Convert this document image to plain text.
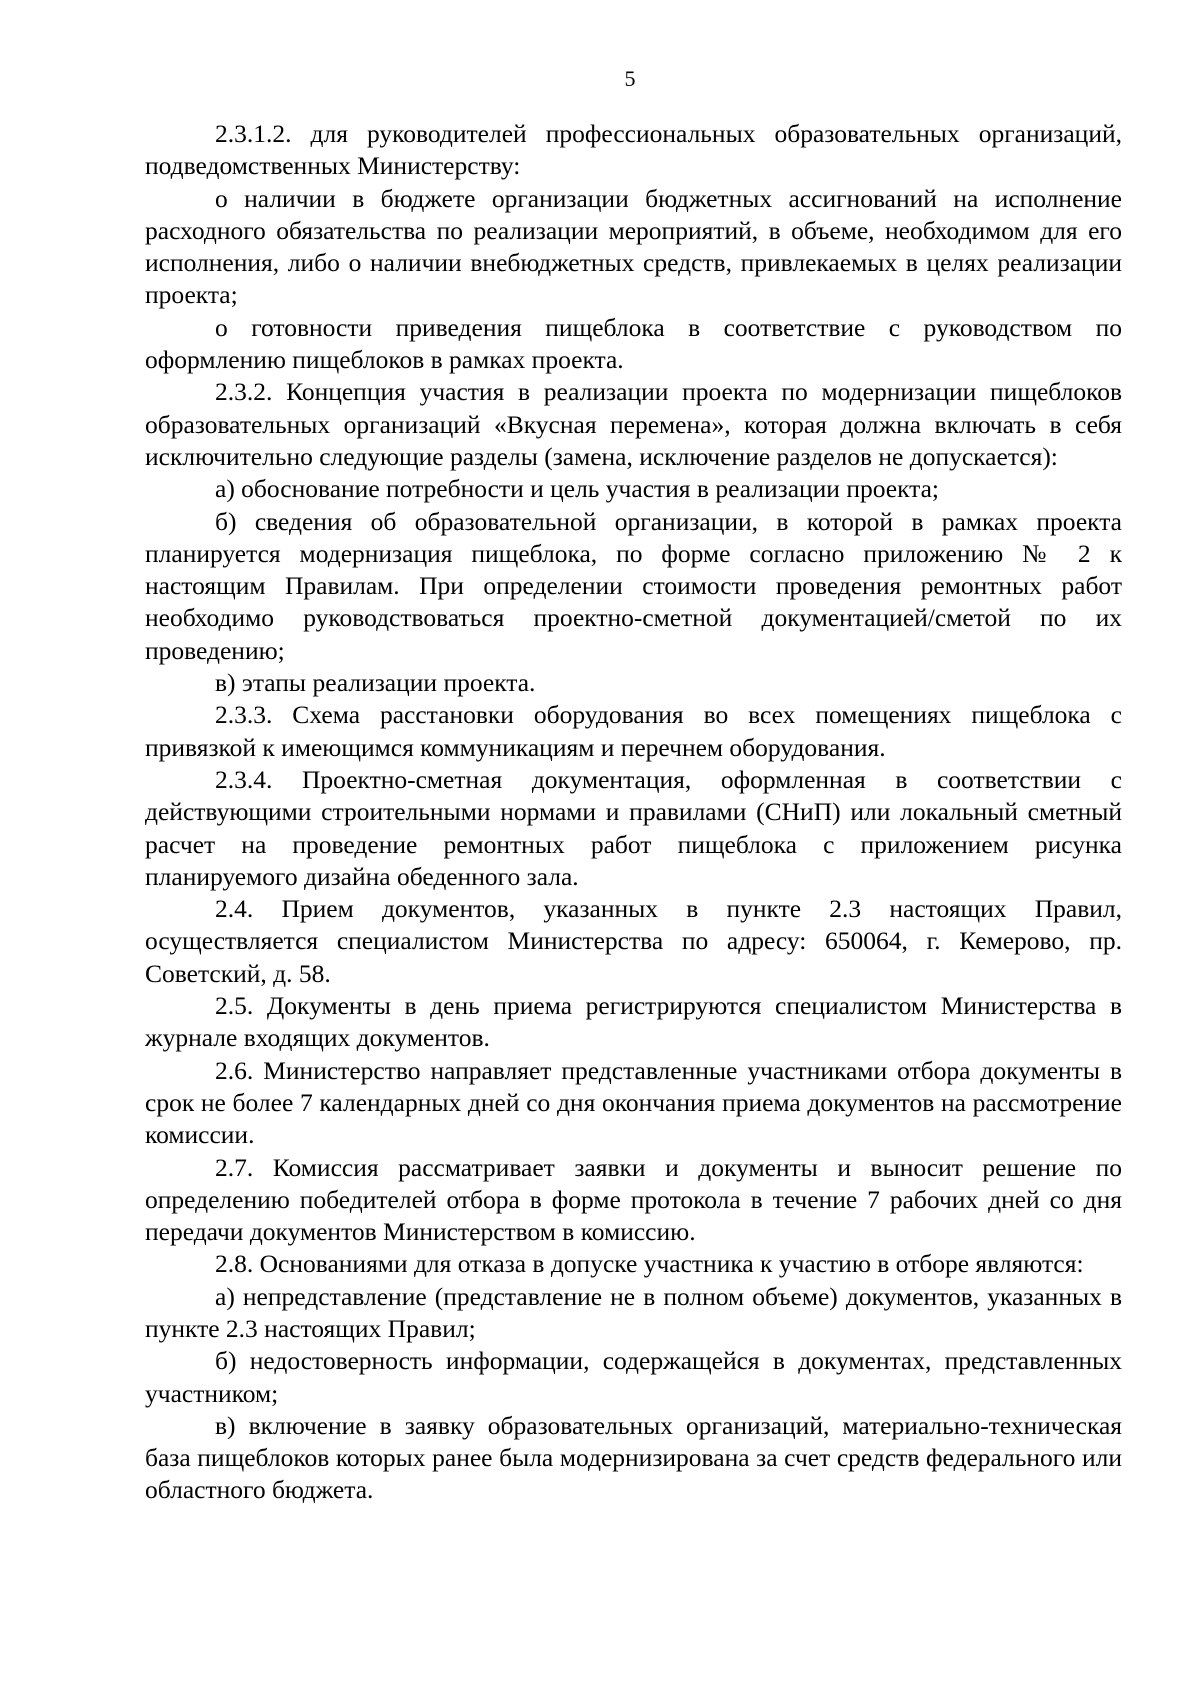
5

2.3.1.2. для руководителей профессиональных образовательных организаций, подведомственных Министерству:

о наличии в бюджете организации бюджетных ассигнований на исполнение расходного обязательства по реализации мероприятий, в объеме, необходимом для его исполнения, либо о наличии внебюджетных средств, привлекаемых в целях реализации проекта;

о готовности приведения пищеблока в соответствие с руководством по оформлению пищеблоков в рамках проекта.

2.3.2. Концепция участия в реализации проекта по модернизации пищеблоков образовательных организаций «Вкусная перемена», которая должна включать в себя исключительно следующие разделы (замена, исключение разделов не допускается):

а) обоснование потребности и цель участия в реализации проекта;

б) сведения об образовательной организации, в которой в рамках проекта планируется модернизация пищеблока, по форме согласно приложению № 2 к настоящим Правилам. При определении стоимости проведения ремонтных работ необходимо руководствоваться проектно-сметной документацией/сметой по их проведению;

в) этапы реализации проекта.

2.3.3. Схема расстановки оборудования во всех помещениях пищеблока с привязкой к имеющимся коммуникациям и перечнем оборудования.

2.3.4. Проектно-сметная документация, оформленная в соответствии с действующими строительными нормами и правилами (СНиП) или локальный сметный расчет на проведение ремонтных работ пищеблока с приложением рисунка планируемого дизайна обеденного зала.

2.4. Прием документов, указанных в пункте 2.3 настоящих Правил, осуществляется специалистом Министерства по адресу: 650064, г. Кемерово, пр. Советский, д. 58.

2.5. Документы в день приема регистрируются специалистом Министерства в журнале входящих документов.

2.6. Министерство направляет представленные участниками отбора документы в срок не более 7 календарных дней со дня окончания приема документов на рассмотрение комиссии.

2.7. Комиссия рассматривает заявки и документы и выносит решение по определению победителей отбора в форме протокола в течение 7 рабочих дней со дня передачи документов Министерством в комиссию.

2.8. Основаниями для отказа в допуске участника к участию в отборе являются:

а) непредставление (представление не в полном объеме) документов, указанных в пункте 2.3 настоящих Правил;

б) недостоверность информации, содержащейся в документах, представленных участником;

в) включение в заявку образовательных организаций, материально-техническая база пищеблоков которых ранее была модернизирована за счет средств федерального или областного бюджета.
